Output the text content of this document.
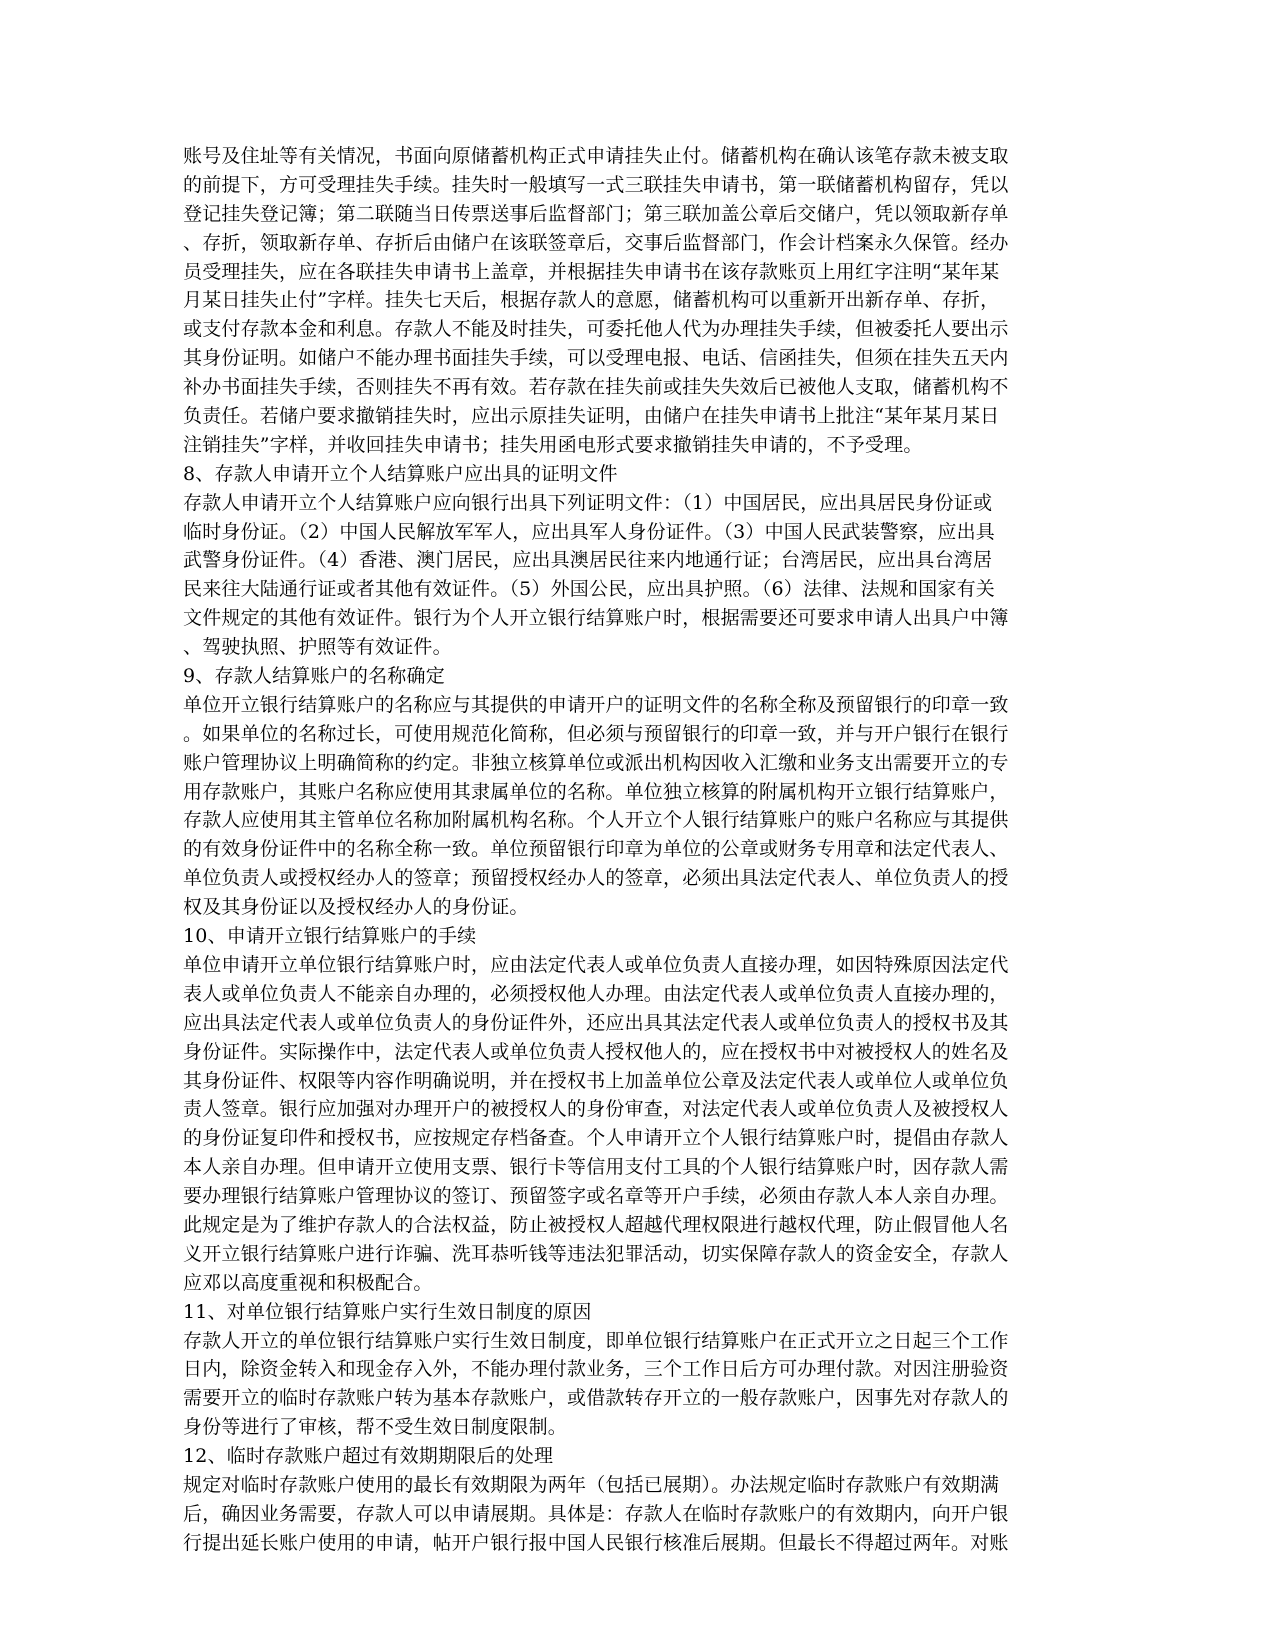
账号及住址等有关情况，书面向原储蓄机构正式申请挂失止付。储蓄机构在确认该笔存款未被支取
的前提下，方可受理挂失手续。挂失时一般填写一式三联挂失申请书，第一联储蓄机构留存，凭以
登记挂失登记簿；第二联随当日传票送事后监督部门；第三联加盖公章后交储户，凭以领取新存单
、存折，领取新存单、存折后由储户在该联签章后，交事后监督部门，作会计档案永久保管。经办
员受理挂失，应在各联挂失申请书上盖章，并根据挂失申请书在该存款账页上用红字注明“某年某
月某日挂失止付”字样。挂失七天后，根据存款人的意愿，储蓄机构可以重新开出新存单、存折，
或支付存款本金和利息。存款人不能及时挂失，可委托他人代为办理挂失手续，但被委托人要出示
其身份证明。如储户不能办理书面挂失手续，可以受理电报、电话、信函挂失，但须在挂失五天内
补办书面挂失手续，否则挂失不再有效。若存款在挂失前或挂失失效后已被他人支取，储蓄机构不
负责任。若储户要求撤销挂失时，应出示原挂失证明，由储户在挂失申请书上批注“某年某月某日
注销挂失”字样，并收回挂失申请书；挂失用函电形式要求撤销挂失申请的，不予受理。
8、存款人申请开立个人结算账户应出具的证明文件
存款人申请开立个人结算账户应向银行出具下列证明文件：（1）中国居民，应出具居民身份证或
临时身份证。（2）中国人民解放军军人，应出具军人身份证件。（3）中国人民武装警察，应出具
武警身份证件。（4）香港、澳门居民，应出具澳居民往来内地通行证；台湾居民，应出具台湾居
民来往大陆通行证或者其他有效证件。（5）外国公民，应出具护照。（6）法律、法规和国家有关
文件规定的其他有效证件。银行为个人开立银行结算账户时，根据需要还可要求申请人出具户中簿
、驾驶执照、护照等有效证件。
9、存款人结算账户的名称确定
单位开立银行结算账户的名称应与其提供的申请开户的证明文件的名称全称及预留银行的印章一致
。如果单位的名称过长，可使用规范化简称，但必须与预留银行的印章一致，并与开户银行在银行
账户管理协议上明确简称的约定。非独立核算单位或派出机构因收入汇缴和业务支出需要开立的专
用存款账户，其账户名称应使用其隶属单位的名称。单位独立核算的附属机构开立银行结算账户，
存款人应使用其主管单位名称加附属机构名称。个人开立个人银行结算账户的账户名称应与其提供
的有效身份证件中的名称全称一致。单位预留银行印章为单位的公章或财务专用章和法定代表人、
单位负责人或授权经办人的签章；预留授权经办人的签章，必须出具法定代表人、单位负责人的授
权及其身份证以及授权经办人的身份证。
10、申请开立银行结算账户的手续
单位申请开立单位银行结算账户时，应由法定代表人或单位负责人直接办理，如因特殊原因法定代
表人或单位负责人不能亲自办理的，必须授权他人办理。由法定代表人或单位负责人直接办理的，
应出具法定代表人或单位负责人的身份证件外，还应出具其法定代表人或单位负责人的授权书及其
身份证件。实际操作中，法定代表人或单位负责人授权他人的，应在授权书中对被授权人的姓名及
其身份证件、权限等内容作明确说明，并在授权书上加盖单位公章及法定代表人或单位人或单位负
责人签章。银行应加强对办理开户的被授权人的身份审查，对法定代表人或单位负责人及被授权人
的身份证复印件和授权书，应按规定存档备查。个人申请开立个人银行结算账户时，提倡由存款人
本人亲自办理。但申请开立使用支票、银行卡等信用支付工具的个人银行结算账户时，因存款人需
要办理银行结算账户管理协议的签订、预留签字或名章等开户手续，必须由存款人本人亲自办理。
此规定是为了维护存款人的合法权益，防止被授权人超越代理权限进行越权代理，防止假冒他人名
义开立银行结算账户进行诈骗、洗耳恭听钱等违法犯罪活动，切实保障存款人的资金安全，存款人
应邓以高度重视和积极配合。
11、对单位银行结算账户实行生效日制度的原因
存款人开立的单位银行结算账户实行生效日制度，即单位银行结算账户在正式开立之日起三个工作
日内，除资金转入和现金存入外，不能办理付款业务，三个工作日后方可办理付款。对因注册验资
需要开立的临时存款账户转为基本存款账户，或借款转存开立的一般存款账户，因事先对存款人的
身份等进行了审核，帮不受生效日制度限制。
12、临时存款账户超过有效期期限后的处理
规定对临时存款账户使用的最长有效期限为两年（包括已展期）。办法规定临时存款账户有效期满
后，确因业务需要，存款人可以申请展期。具体是：存款人在临时存款账户的有效期内，向开户银
行提出延长账户使用的申请，帖开户银行报中国人民银行核准后展期。但最长不得超过两年。对账
